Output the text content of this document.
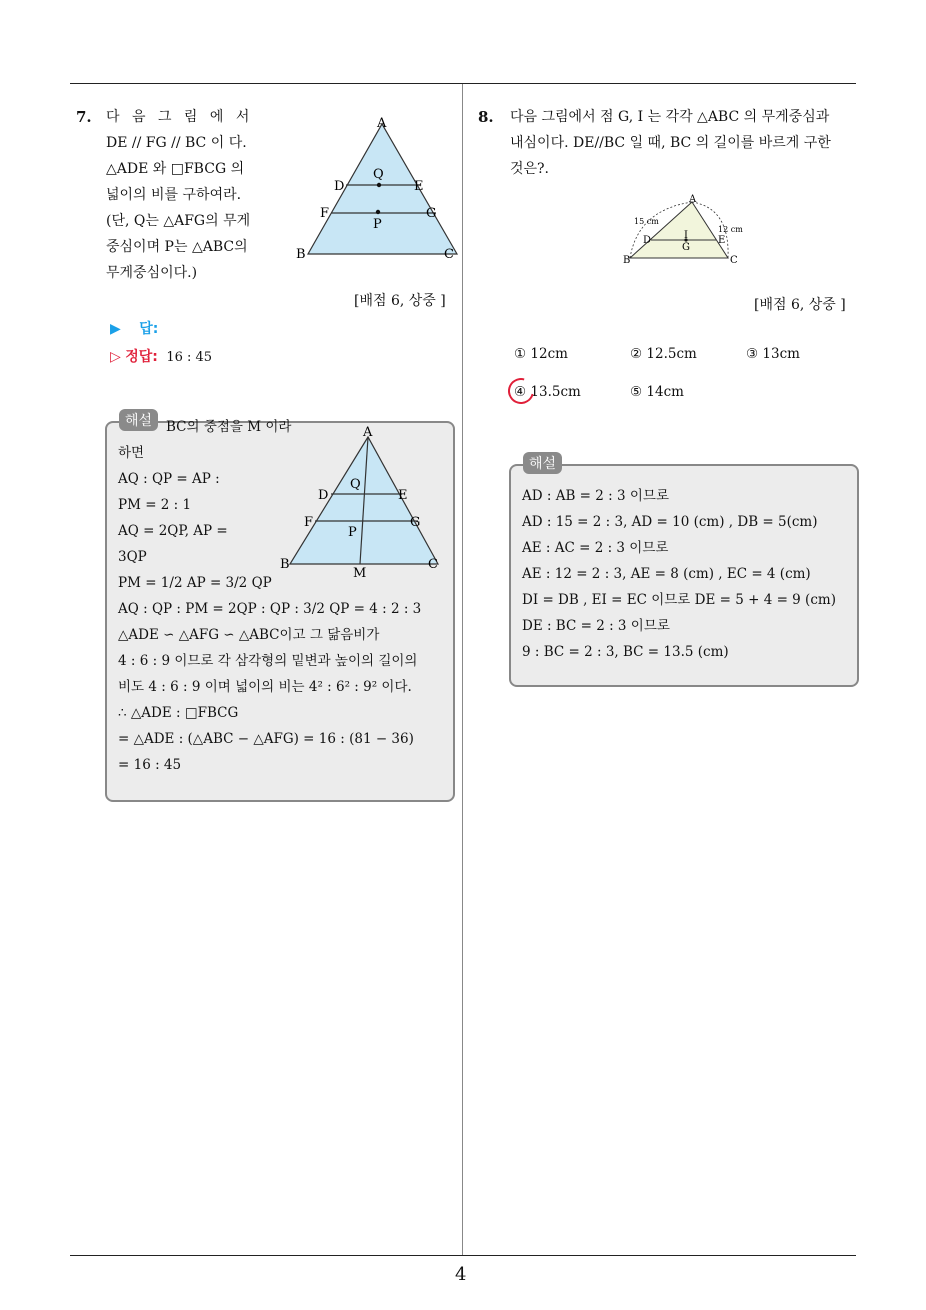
4
7. 다 음 그 림 에 서
DE // FG // BC 이 다.
△ADE 와 □FBCG 의
넓이의 비를 구하여라.
(단, Q는 △AFG의 무게
중심이며 P는 △ABC의
무게중심이다.)
A
B	C
D	E
F	G
Q
P
[배점 6, 상중 ]
▶ 답:
▷ 정답: 16 : 45
해설	BC의 중점을 M 이라
하면
AQ : QP = AP :
PM = 2 : 1
AQ = 2QP, AP =
3QP
PM = 1/2 AP = 3/2 QP
AQ : QP : PM = 2QP : QP : 3/2 QP = 4 : 2 : 3
△ADE ∽ △AFG ∽ △ABC이고 그 닮음비가
4 : 6 : 9 이므로 각 삼각형의 밑변과 높이의 길이의
비도 4 : 6 : 9 이며 넓이의 비는 4² : 6² : 9² 이다.
∴ △ADE : □FBCG
= △ADE : (△ABC − △AFG) = 16 : (81 − 36)
= 16 : 45
A
B	C
D	E
F	G
Q
P
M
8. 다음 그림에서 점 G, I 는 각각 △ABC 의 무게중심과
내심이다. DE//BC 일 때, BC 의 길이를 바르게 구한
것은?.
A
B	C
D	E
G
I
15 cm
12 cm
[배점 6, 상중 ]
① 12cm	② 12.5cm	③ 13cm
④ 13.5cm	⑤ 14cm
해설
AD : AB = 2 : 3 이므로
AD : 15 = 2 : 3, AD = 10 (cm) , DB = 5(cm)
AE : AC = 2 : 3 이므로
AE : 12 = 2 : 3, AE = 8 (cm) , EC = 4 (cm)
DI = DB , EI = EC 이므로 DE = 5 + 4 = 9 (cm)
DE : BC = 2 : 3 이므로
9 : BC = 2 : 3, BC = 13.5 (cm)
